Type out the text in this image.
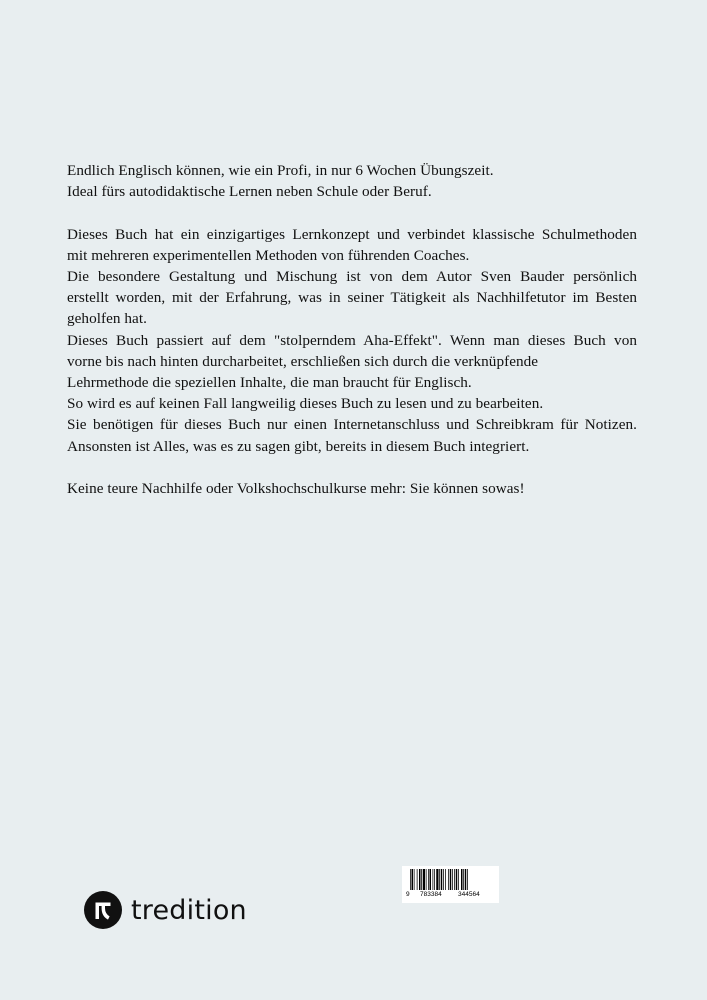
Endlich Englisch können, wie ein Profi, in nur 6 Wochen Übungszeit.
Ideal fürs autodidaktische Lernen neben Schule oder Beruf.
Dieses Buch hat ein einzigartiges Lernkonzept und verbindet klassische Schulmethoden
mit mehreren experimentellen Methoden von führenden Coaches.
Die besondere Gestaltung und Mischung ist von dem Autor Sven Bauder persönlich
erstellt worden, mit der Erfahrung, was in seiner Tätigkeit als Nachhilfetutor im Besten
geholfen hat.
Dieses Buch passiert auf dem "stolperndem Aha-Effekt". Wenn man dieses Buch von
vorne bis nach hinten durcharbeitet, erschließen sich durch die verknüpfende
Lehrmethode die speziellen Inhalte, die man braucht für Englisch.
So wird es auf keinen Fall langweilig dieses Buch zu lesen und zu bearbeiten.
Sie benötigen für dieses Buch nur einen Internetanschluss und Schreibkram für Notizen.
Ansonsten ist Alles, was es zu sagen gibt, bereits in diesem Buch integriert.
Keine teure Nachhilfe oder Volkshochschulkurse mehr: Sie können sowas!
9 783384	344564
tredition
